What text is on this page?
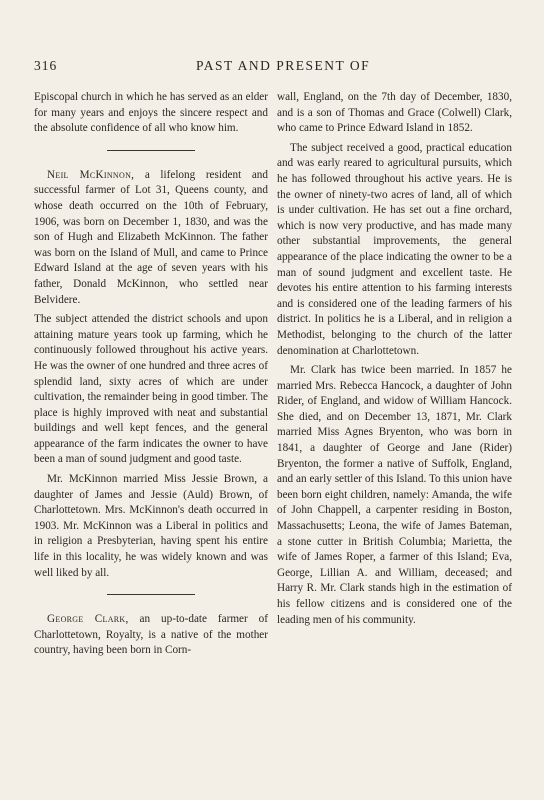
316	PAST AND PRESENT OF

Episcopal church in which he has served as an elder for many years and enjoys the sincere respect and the absolute confidence of all who know him.

Neil McKinnon, a lifelong resident and successful farmer of Lot 31, Queens county, and whose death occurred on the 10th of February, 1906, was born on December 1, 1830, and was the son of Hugh and Elizabeth McKinnon. The father was born on the Island of Mull, and came to Prince Edward Island at the age of seven years with his father, Donald McKinnon, who settled near Belvidere.

The subject attended the district schools and upon attaining mature years took up farming, which he continuously followed throughout his active years. He was the owner of one hundred and three acres of splendid land, sixty acres of which are under cultivation, the remainder being in good timber. The place is highly improved with neat and substantial buildings and well kept fences, and the general appearance of the farm indicates the owner to have been a man of sound judgment and good taste.

Mr. McKinnon married Miss Jessie Brown, a daughter of James and Jessie (Auld) Brown, of Charlottetown. Mrs. McKinnon's death occurred in 1903. Mr. McKinnon was a Liberal in politics and in religion a Presbyterian, having spent his entire life in this locality, he was widely known and was well liked by all.

George Clark, an up-to-date farmer of Charlottetown, Royalty, is a native of the mother country, having been born in Corn-

wall, England, on the 7th day of December, 1830, and is a son of Thomas and Grace (Colwell) Clark, who came to Prince Edward Island in 1852.

The subject received a good, practical education and was early reared to agricultural pursuits, which he has followed throughout his active years. He is the owner of ninety-two acres of land, all of which is under cultivation. He has set out a fine orchard, which is now very productive, and has made many other substantial improvements, the general appearance of the place indicating the owner to be a man of sound judgment and excellent taste. He devotes his entire attention to his farming interests and is considered one of the leading farmers of his district. In politics he is a Liberal, and in religion a Methodist, belonging to the church of the latter denomination at Charlottetown.

Mr. Clark has twice been married. In 1857 he married Mrs. Rebecca Hancock, a daughter of John Rider, of England, and widow of William Hancock. She died, and on December 13, 1871, Mr. Clark married Miss Agnes Bryenton, who was born in 1841, a daughter of George and Jane (Rider) Bryenton, the former a native of Suffolk, England, and an early settler of this Island. To this union have been born eight children, namely: Amanda, the wife of John Chappell, a carpenter residing in Boston, Massachusetts; Leona, the wife of James Bateman, a stone cutter in British Columbia; Marietta, the wife of James Roper, a farmer of this Island; Eva, George, Lillian A. and William, deceased; and Harry R. Mr. Clark stands high in the estimation of his fellow citizens and is considered one of the leading men of his community.
